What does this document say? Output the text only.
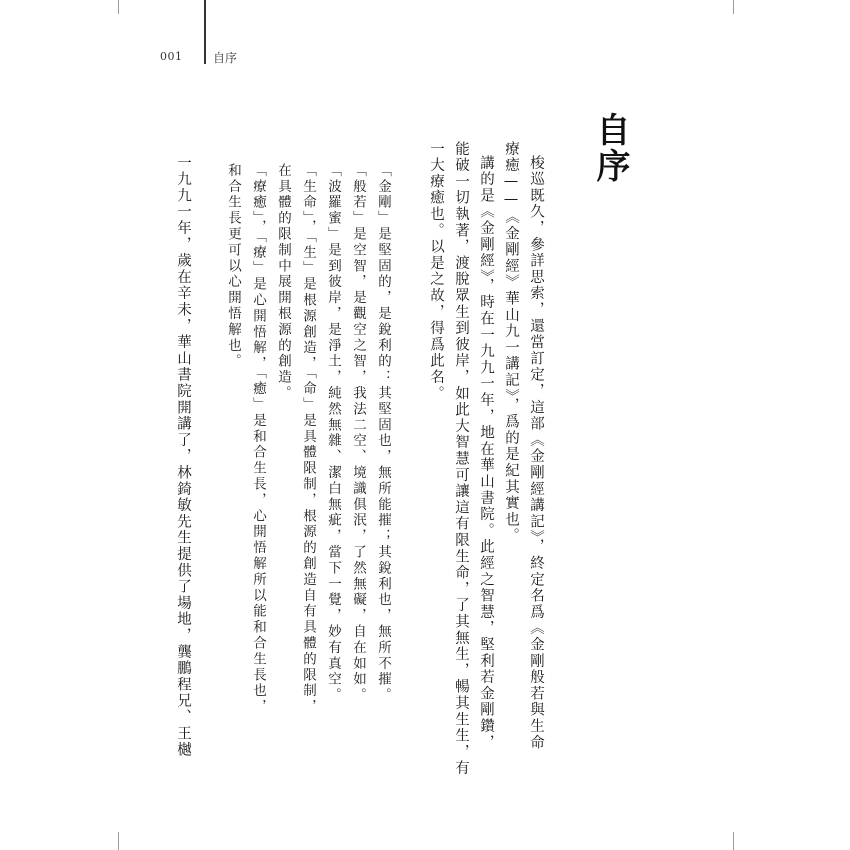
001	自序
自序
梭巡既久，參詳思索，還當訂定，這部《金剛經講記》，終定名爲《金剛般若與生命
療癒——《金剛經》華山九一講記》，爲的是紀其實也。
講的是《金剛經》，時在一九九一年，地在華山書院。此經之智慧，堅利若金剛鑽，
能破一切執著，渡脫眾生到彼岸，如此大智慧可讓這有限生命，了其無生，暢其生生，有
一大療癒也。以是之故，得爲此名。
「金剛」是堅固的，是銳利的：其堅固也，無所能摧；其銳利也，無所不摧。
「般若」是空智，是觀空之智，我法二空、境識俱泯，了然無礙，自在如如。
「波羅蜜」是到彼岸，是淨土，純然無雜、潔白無疵，當下一覺，妙有真空。
「生命」，「生」是根源創造，「命」是具體限制，根源的創造自有具體的限制，
在具體的限制中展開根源的創造。
「療癒」，「療」是心開悟解，「癒」是和合生長，心開悟解所以能和合生長也，
和合生長更可以心開悟解也。
一九九一年，歲在辛未，華山書院開講了，林錡敏先生提供了場地，龔鵬程兄、王樾
